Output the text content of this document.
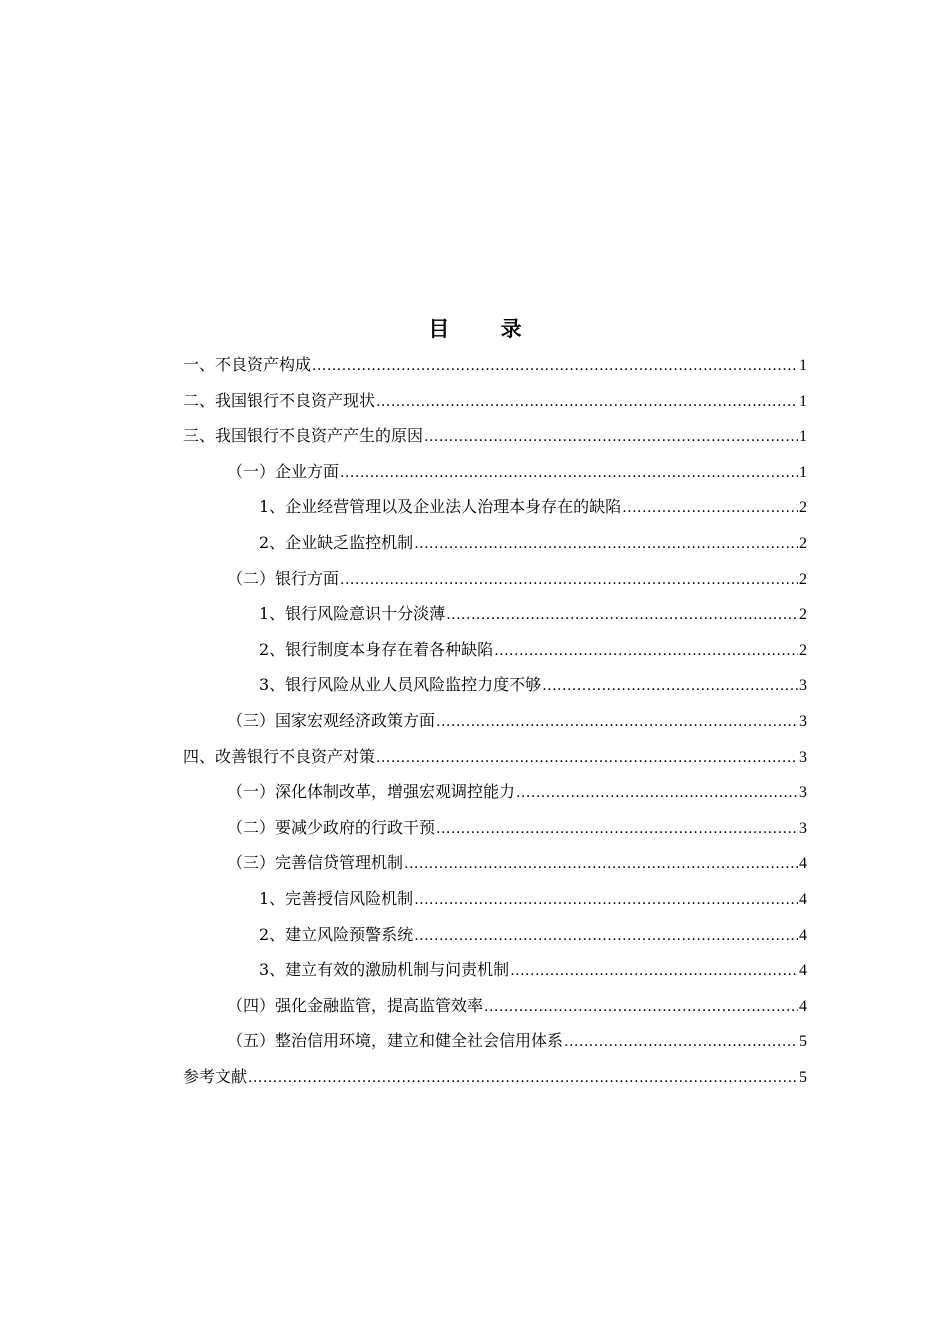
目 录
一、不良资产构成 .....	1
二、我国银行不良资产现状 .....	1
三、我国银行不良资产产生的原因 .....	1
（一）企业方面 .....	1
1、企业经营管理以及企业法人治理本身存在的缺陷 .....	2
2、企业缺乏监控机制 .....	2
（二）银行方面 .....	2
1、银行风险意识十分淡薄 .....	2
2、银行制度本身存在着各种缺陷 .....	2
3、银行风险从业人员风险监控力度不够 .....	3
（三）国家宏观经济政策方面 .....	3
四、改善银行不良资产对策 .....	3
（一）深化体制改革，增强宏观调控能力 .....	3
（二）要减少政府的行政干预 .....	3
（三）完善信贷管理机制 .....	4
1、完善授信风险机制 .....	4
2、建立风险预警系统 .....	4
3、建立有效的激励机制与问责机制 .....	4
（四）强化金融监管，提高监管效率 .....	4
（五）整治信用环境，建立和健全社会信用体系 .....	5
参考文献 .....	5
